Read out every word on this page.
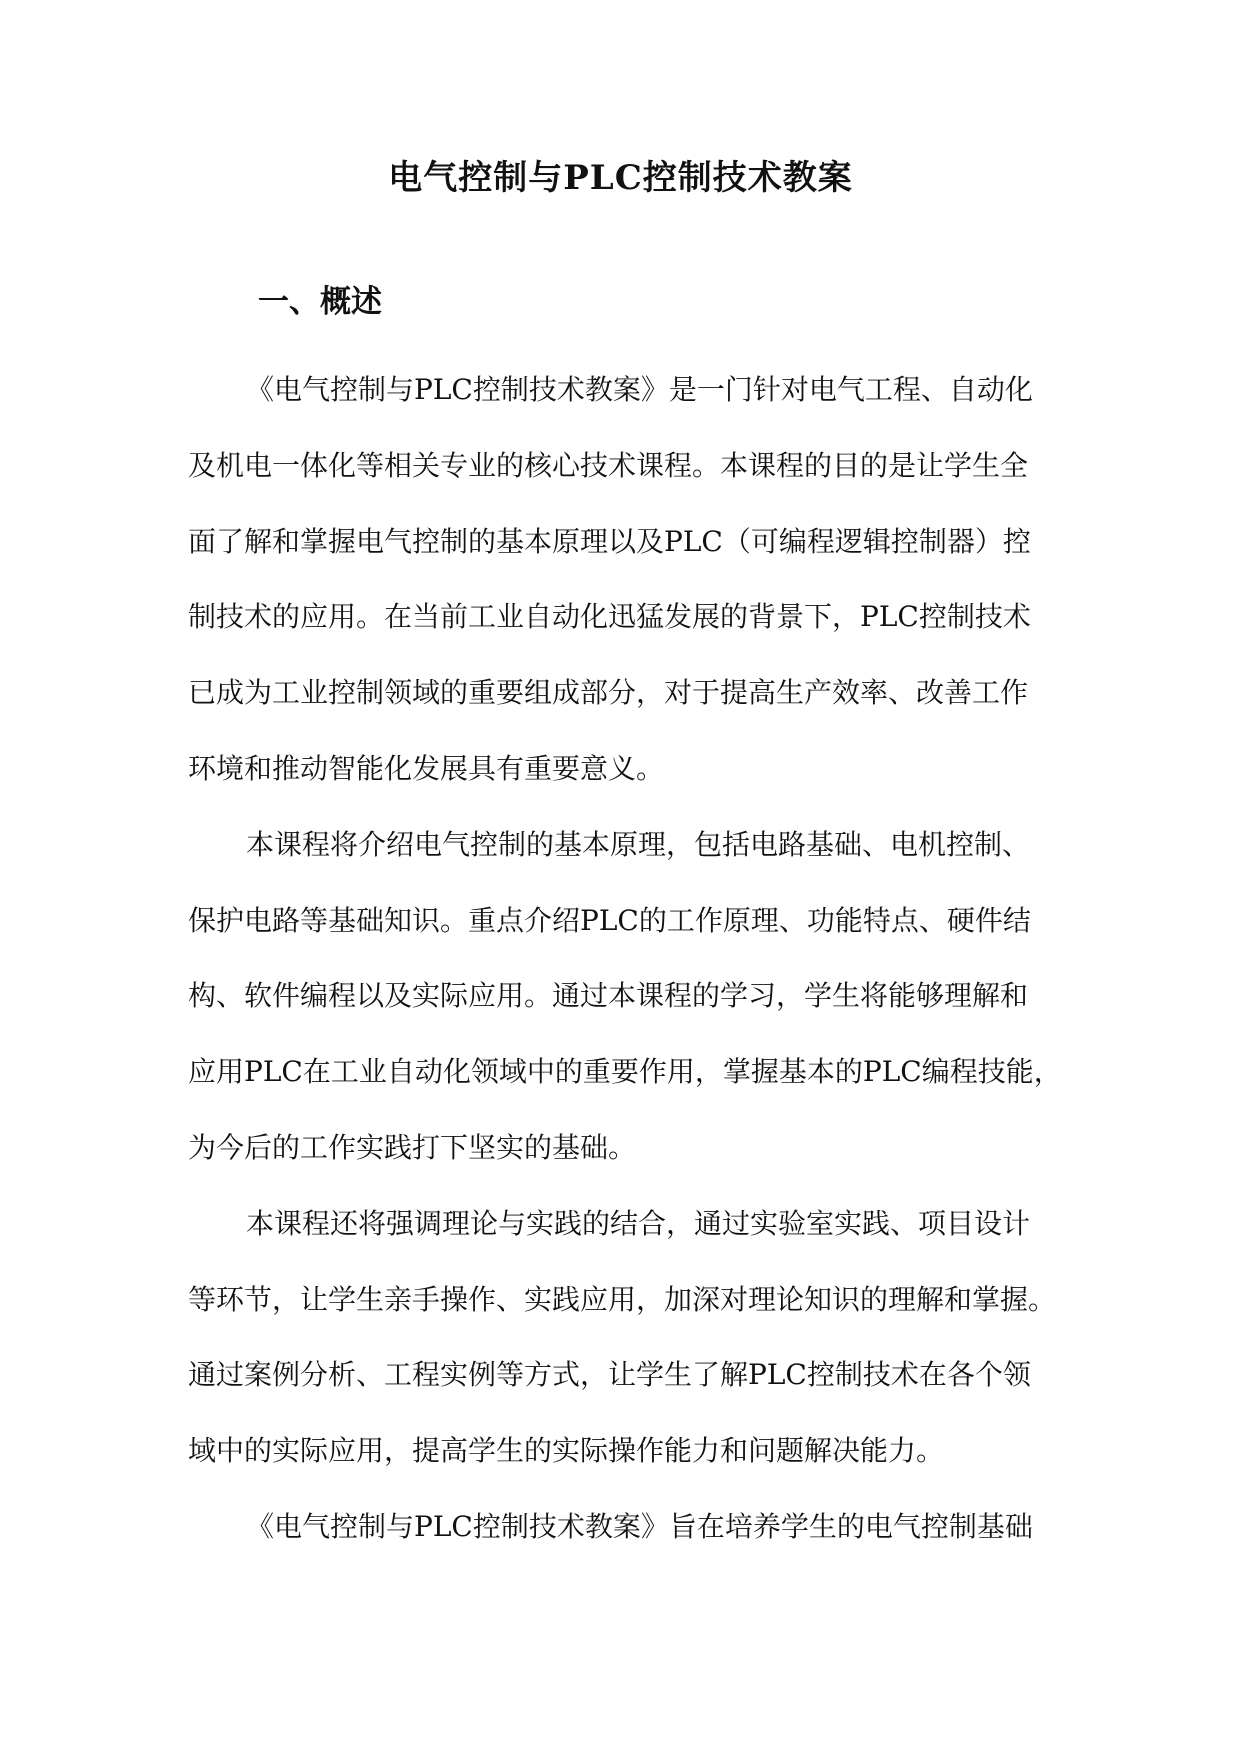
电气控制与PLC控制技术教案
一、概述
《电气控制与PLC控制技术教案》是一门针对电气工程、自动化
及机电一体化等相关专业的核心技术课程。本课程的目的是让学生全
面了解和掌握电气控制的基本原理以及PLC（可编程逻辑控制器）控
制技术的应用。在当前工业自动化迅猛发展的背景下，PLC控制技术
已成为工业控制领域的重要组成部分，对于提高生产效率、改善工作
环境和推动智能化发展具有重要意义。
本课程将介绍电气控制的基本原理，包括电路基础、电机控制、
保护电路等基础知识。重点介绍PLC的工作原理、功能特点、硬件结
构、软件编程以及实际应用。通过本课程的学习，学生将能够理解和
应用PLC在工业自动化领域中的重要作用，掌握基本的PLC编程技能，
为今后的工作实践打下坚实的基础。
本课程还将强调理论与实践的结合，通过实验室实践、项目设计
等环节，让学生亲手操作、实践应用，加深对理论知识的理解和掌握。
通过案例分析、工程实例等方式，让学生了解PLC控制技术在各个领
域中的实际应用，提高学生的实际操作能力和问题解决能力。
《电气控制与PLC控制技术教案》旨在培养学生的电气控制基础
